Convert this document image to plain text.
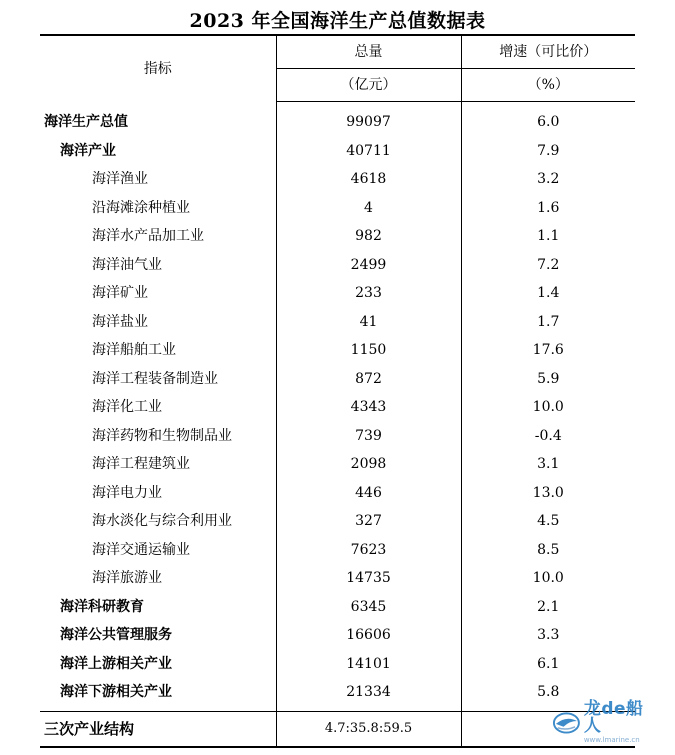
2023 年全国海洋生产总值数据表
指标	总量	增速（可比价）
	（亿元）	（%）
海洋生产总值	99097	6.0
海洋产业	40711	7.9
海洋渔业	4618	3.2
沿海滩涂种植业	4	1.6
海洋水产品加工业	982	1.1
海洋油气业	2499	7.2
海洋矿业	233	1.4
海洋盐业	41	1.7
海洋船舶工业	1150	17.6
海洋工程装备制造业	872	5.9
海洋化工业	4343	10.0
海洋药物和生物制品业	739	-0.4
海洋工程建筑业	2098	3.1
海洋电力业	446	13.0
海水淡化与综合利用业	327	4.5
海洋交通运输业	7623	8.5
海洋旅游业	14735	10.0
海洋科研教育	6345	2.1
海洋公共管理服务	16606	3.3
海洋上游相关产业	14101	6.1
海洋下游相关产业	21334	5.8
三次产业结构	4.7:35.8:59.5	
龙de船人
www.lmarine.cn
